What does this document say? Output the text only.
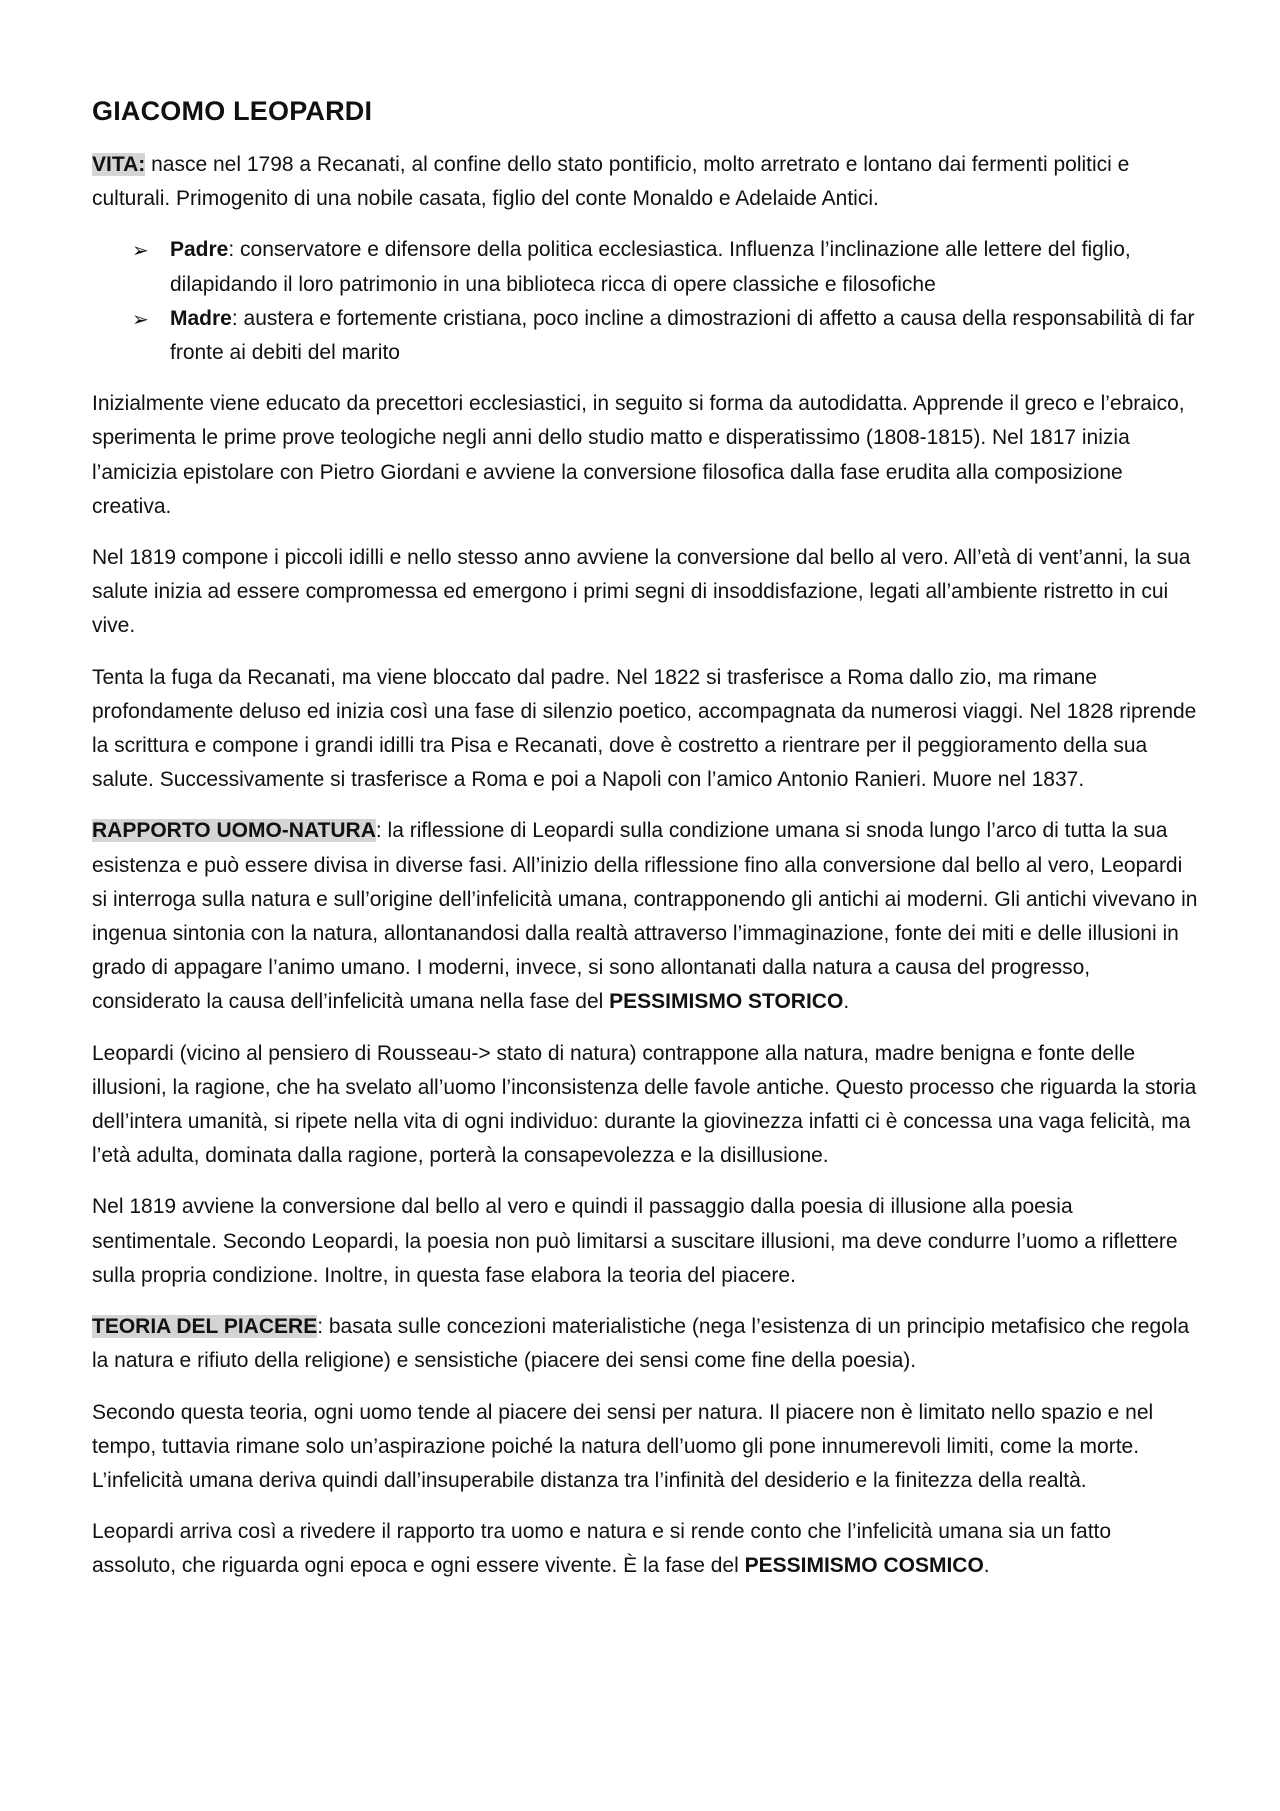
GIACOMO LEOPARDI

VITA: nasce nel 1798 a Recanati, al confine dello stato pontificio, molto arretrato e lontano dai fermenti politici e culturali. Primogenito di una nobile casata, figlio del conte Monaldo e Adelaide Antici.

➢ Padre: conservatore e difensore della politica ecclesiastica. Influenza l’inclinazione alle lettere del figlio, dilapidando il loro patrimonio in una biblioteca ricca di opere classiche e filosofiche
➢ Madre: austera e fortemente cristiana, poco incline a dimostrazioni di affetto a causa della responsabilità di far fronte ai debiti del marito

Inizialmente viene educato da precettori ecclesiastici, in seguito si forma da autodidatta. Apprende il greco e l’ebraico, sperimenta le prime prove teologiche negli anni dello studio matto e disperatissimo (1808-1815). Nel 1817 inizia l’amicizia epistolare con Pietro Giordani e avviene la conversione filosofica dalla fase erudita alla composizione creativa.

Nel 1819 compone i piccoli idilli e nello stesso anno avviene la conversione dal bello al vero. All’età di vent’anni, la sua salute inizia ad essere compromessa ed emergono i primi segni di insoddisfazione, legati all’ambiente ristretto in cui vive.

Tenta la fuga da Recanati, ma viene bloccato dal padre. Nel 1822 si trasferisce a Roma dallo zio, ma rimane profondamente deluso ed inizia così una fase di silenzio poetico, accompagnata da numerosi viaggi. Nel 1828 riprende la scrittura e compone i grandi idilli tra Pisa e Recanati, dove è costretto a rientrare per il peggioramento della sua salute. Successivamente si trasferisce a Roma e poi a Napoli con l’amico Antonio Ranieri. Muore nel 1837.

RAPPORTO UOMO-NATURA: la riflessione di Leopardi sulla condizione umana si snoda lungo l’arco di tutta la sua esistenza e può essere divisa in diverse fasi. All’inizio della riflessione fino alla conversione dal bello al vero, Leopardi si interroga sulla natura e sull’origine dell’infelicità umana, contrapponendo gli antichi ai moderni. Gli antichi vivevano in ingenua sintonia con la natura, allontanandosi dalla realtà attraverso l’immaginazione, fonte dei miti e delle illusioni in grado di appagare l’animo umano. I moderni, invece, si sono allontanati dalla natura a causa del progresso, considerato la causa dell’infelicità umana nella fase del PESSIMISMO STORICO.

Leopardi (vicino al pensiero di Rousseau-> stato di natura) contrappone alla natura, madre benigna e fonte delle illusioni, la ragione, che ha svelato all’uomo l’inconsistenza delle favole antiche. Questo processo che riguarda la storia dell’intera umanità, si ripete nella vita di ogni individuo: durante la giovinezza infatti ci è concessa una vaga felicità, ma l’età adulta, dominata dalla ragione, porterà la consapevolezza e la disillusione.

Nel 1819 avviene la conversione dal bello al vero e quindi il passaggio dalla poesia di illusione alla poesia sentimentale. Secondo Leopardi, la poesia non può limitarsi a suscitare illusioni, ma deve condurre l’uomo a riflettere sulla propria condizione. Inoltre, in questa fase elabora la teoria del piacere.

TEORIA DEL PIACERE: basata sulle concezioni materialistiche (nega l’esistenza di un principio metafisico che regola la natura e rifiuto della religione) e sensistiche (piacere dei sensi come fine della poesia).

Secondo questa teoria, ogni uomo tende al piacere dei sensi per natura. Il piacere non è limitato nello spazio e nel tempo, tuttavia rimane solo un’aspirazione poiché la natura dell’uomo gli pone innumerevoli limiti, come la morte. L’infelicità umana deriva quindi dall’insuperabile distanza tra l’infinità del desiderio e la finitezza della realtà.

Leopardi arriva così a rivedere il rapporto tra uomo e natura e si rende conto che l’infelicità umana sia un fatto assoluto, che riguarda ogni epoca e ogni essere vivente. È la fase del PESSIMISMO COSMICO.
